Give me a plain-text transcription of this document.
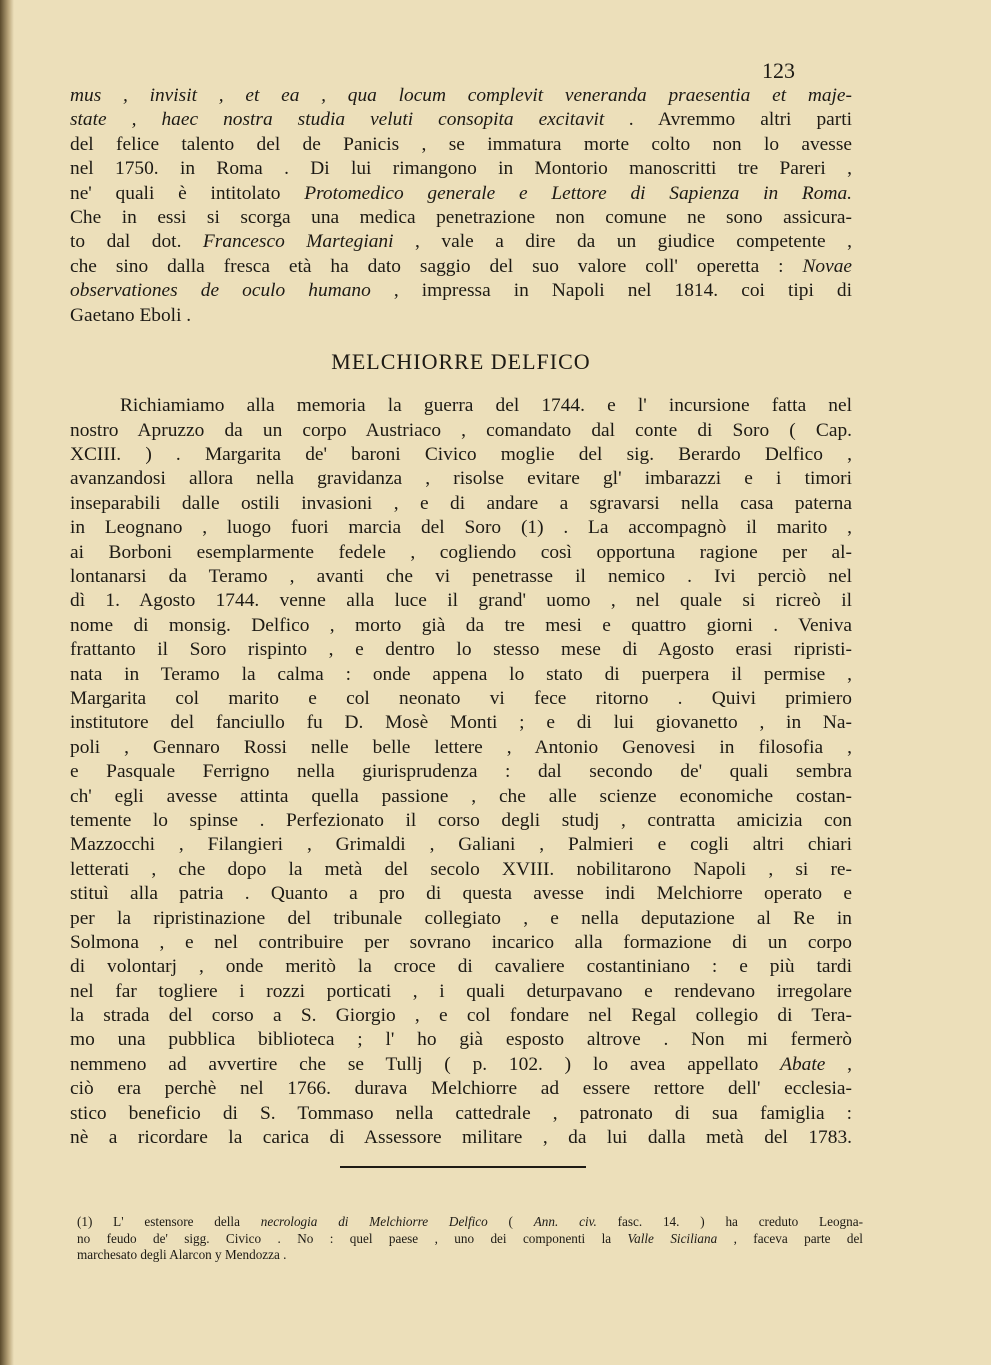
123
mus , invisit , et ea , qua locum complevit veneranda praesentia et maje-
state , haec nostra studia veluti consopita excitavit . Avremmo altri parti
del felice talento del de Panicis , se immatura morte colto non lo avesse
nel 1750. in Roma . Di lui rimangono in Montorio manoscritti tre Pareri ,
ne' quali è intitolato Protomedico generale e Lettore di Sapienza in Roma.
Che in essi si scorga una medica penetrazione non comune ne sono assicura-
to dal dot. Francesco Martegiani , vale a dire da un giudice competente ,
che sino dalla fresca età ha dato saggio del suo valore coll' operetta : Novae
observationes de oculo humano , impressa in Napoli nel 1814. coi tipi di
Gaetano Eboli .
MELCHIORRE DELFICO
Richiamiamo alla memoria la guerra del 1744. e l' incursione fatta nel
nostro Apruzzo da un corpo Austriaco , comandato dal conte di Soro ( Cap.
XCIII. ) . Margarita de' baroni Civico moglie del sig. Berardo Delfico ,
avanzandosi allora nella gravidanza , risolse evitare gl' imbarazzi e i timori
inseparabili dalle ostili invasioni , e di andare a sgravarsi nella casa paterna
in Leognano , luogo fuori marcia del Soro (1) . La accompagnò il marito ,
ai Borboni esemplarmente fedele , cogliendo così opportuna ragione per al-
lontanarsi da Teramo , avanti che vi penetrasse il nemico . Ivi perciò nel
dì 1. Agosto 1744. venne alla luce il grand' uomo , nel quale si ricreò il
nome di monsig. Delfico , morto già da tre mesi e quattro giorni . Veniva
frattanto il Soro rispinto , e dentro lo stesso mese di Agosto erasi ripristi-
nata in Teramo la calma : onde appena lo stato di puerpera il permise ,
Margarita col marito e col neonato vi fece ritorno . Quivi primiero
institutore del fanciullo fu D. Mosè Monti ; e di lui giovanetto , in Na-
poli , Gennaro Rossi nelle belle lettere , Antonio Genovesi in filosofia ,
e Pasquale Ferrigno nella giurisprudenza : dal secondo de' quali sembra
ch' egli avesse attinta quella passione , che alle scienze economiche costan-
temente lo spinse . Perfezionato il corso degli studj , contratta amicizia con
Mazzocchi , Filangieri , Grimaldi , Galiani , Palmieri e cogli altri chiari
letterati , che dopo la metà del secolo XVIII. nobilitarono Napoli , si re-
stituì alla patria . Quanto a pro di questa avesse indi Melchiorre operato e
per la ripristinazione del tribunale collegiato , e nella deputazione al Re in
Solmona , e nel contribuire per sovrano incarico alla formazione di un corpo
di volontarj , onde meritò la croce di cavaliere costantiniano : e più tardi
nel far togliere i rozzi porticati , i quali deturpavano e rendevano irregolare
la strada del corso a S. Giorgio , e col fondare nel Regal collegio di Tera-
mo una pubblica biblioteca ; l' ho già esposto altrove . Non mi fermerò
nemmeno ad avvertire che se Tullj ( p. 102. ) lo avea appellato Abate ,
ciò era perchè nel 1766. durava Melchiorre ad essere rettore dell' ecclesia-
stico beneficio di S. Tommaso nella cattedrale , patronato di sua famiglia :
nè a ricordare la carica di Assessore militare , da lui dalla metà del 1783.
(1) L' estensore della necrologia di Melchiorre Delfico ( Ann. civ. fasc. 14. ) ha creduto Leogna-
no feudo de' sigg. Civico . No : quel paese , uno dei componenti la Valle Siciliana , faceva parte del
marchesato degli Alarcon y Mendozza .
